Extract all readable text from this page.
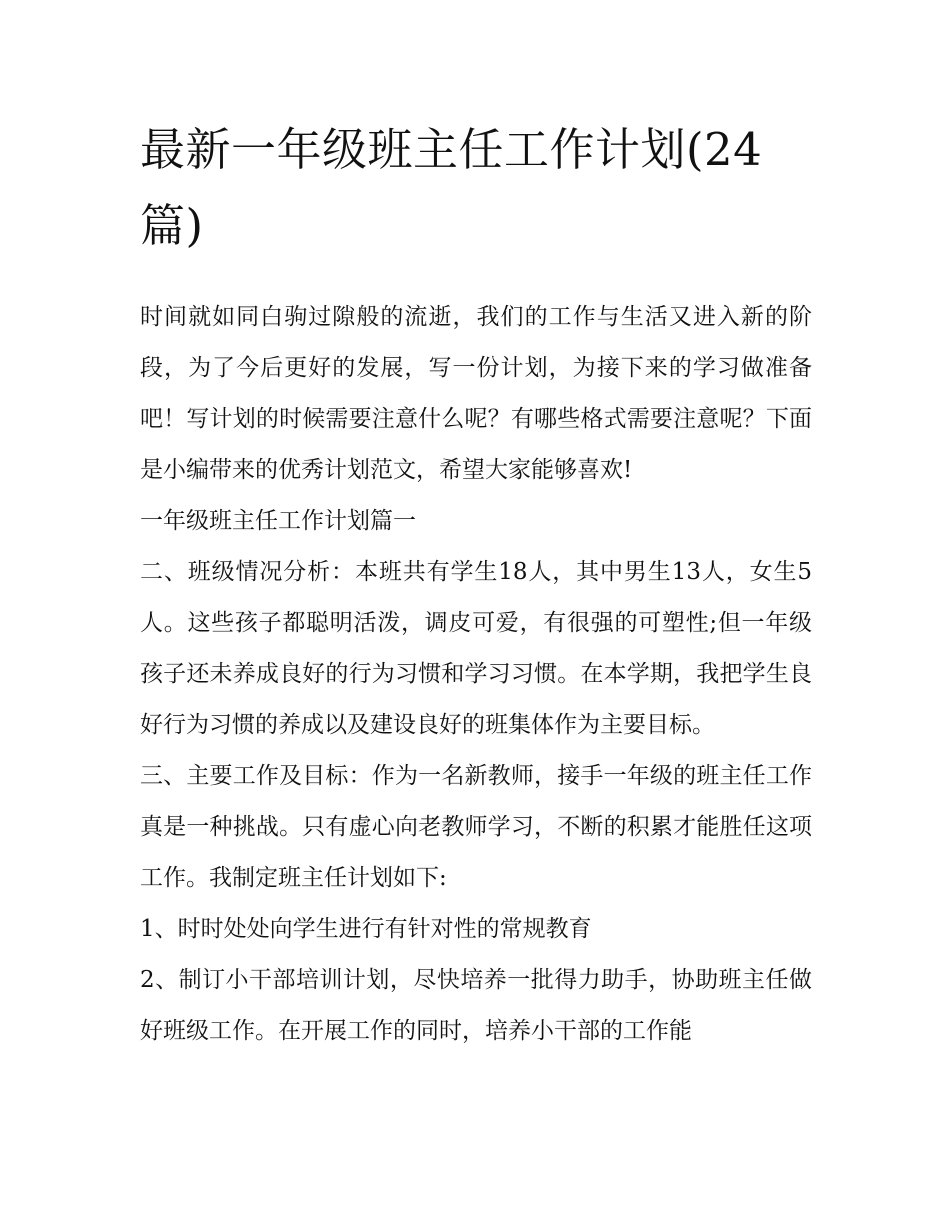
最新一年级班主任工作计划(24篇)

时间就如同白驹过隙般的流逝，我们的工作与生活又进入新的阶段，为了今后更好的发展，写一份计划，为接下来的学习做准备吧！写计划的时候需要注意什么呢？有哪些格式需要注意呢？下面是小编带来的优秀计划范文，希望大家能够喜欢!

一年级班主任工作计划篇一

二、班级情况分析：本班共有学生18人，其中男生13人，女生5人。这些孩子都聪明活泼，调皮可爱，有很强的可塑性;但一年级孩子还未养成良好的行为习惯和学习习惯。在本学期，我把学生良好行为习惯的养成以及建设良好的班集体作为主要目标。

三、主要工作及目标：作为一名新教师，接手一年级的班主任工作真是一种挑战。只有虚心向老教师学习，不断的积累才能胜任这项工作。我制定班主任计划如下:

1、时时处处向学生进行有针对性的常规教育

2、制订小干部培训计划，尽快培养一批得力助手，协助班主任做好班级工作。在开展工作的同时，培养小干部的工作能
